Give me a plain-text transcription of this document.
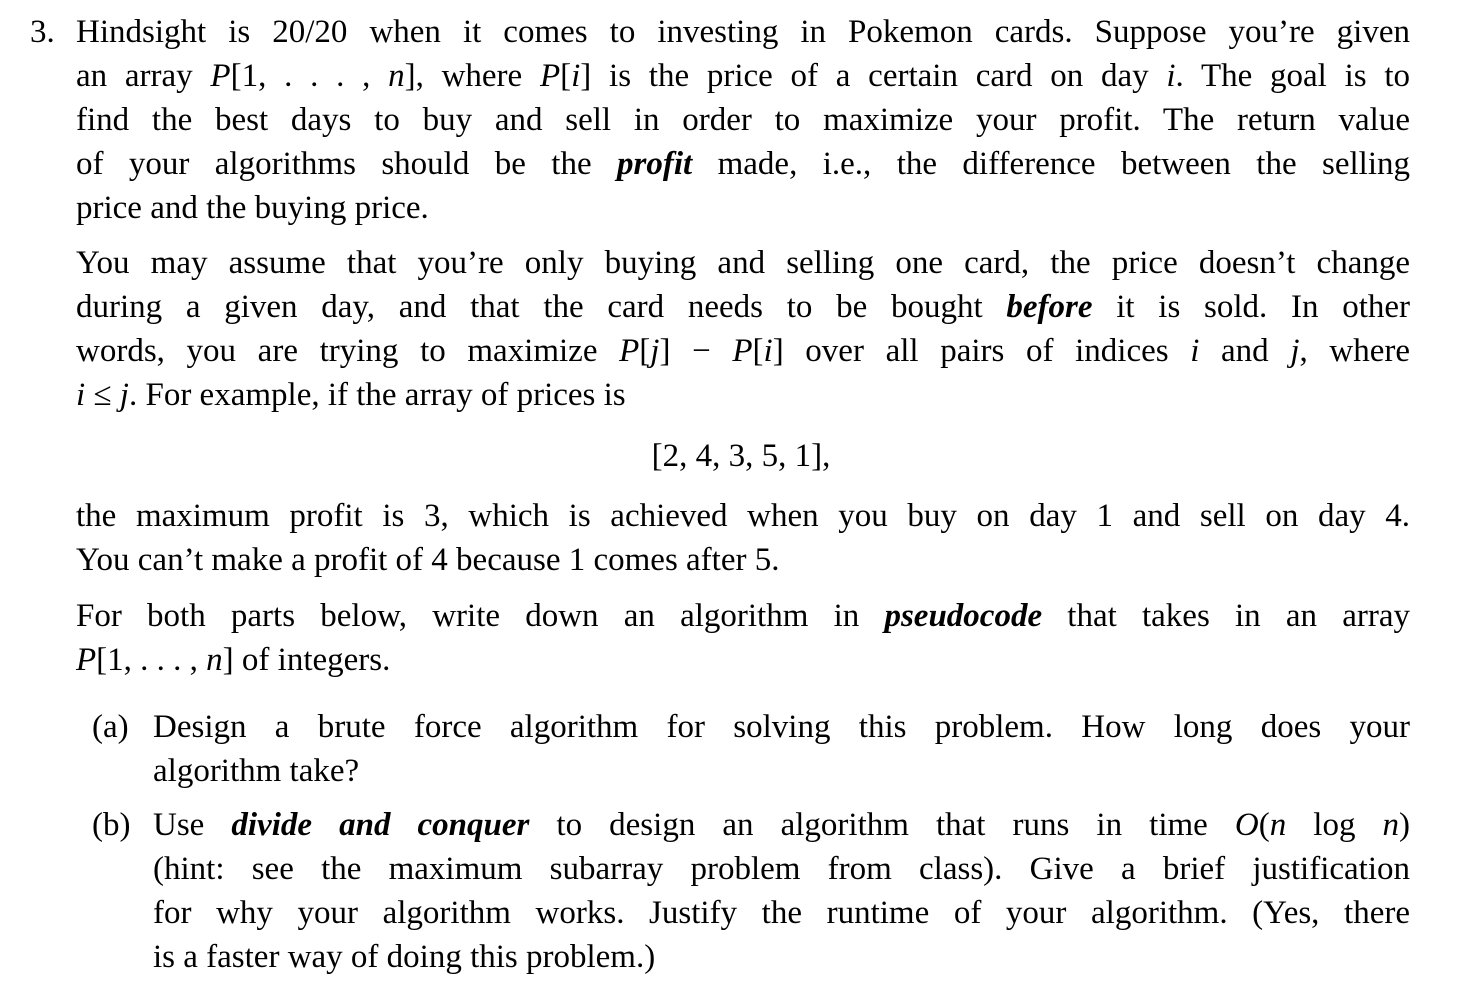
3. Hindsight is 20/20 when it comes to investing in Pokemon cards. Suppose you’re given
an array P[1, . . . , n], where P[i] is the price of a certain card on day i. The goal is to
find the best days to buy and sell in order to maximize your profit. The return value
of your algorithms should be the profit made, i.e., the difference between the selling
price and the buying price.
You may assume that you’re only buying and selling one card, the price doesn’t change
during a given day, and that the card needs to be bought before it is sold. In other
words, you are trying to maximize P[j] − P[i] over all pairs of indices i and j, where
i ≤ j. For example, if the array of prices is
[2, 4, 3, 5, 1],
the maximum profit is 3, which is achieved when you buy on day 1 and sell on day 4.
You can’t make a profit of 4 because 1 comes after 5.
For both parts below, write down an algorithm in pseudocode that takes in an array
P[1, . . . , n] of integers.
(a) Design a brute force algorithm for solving this problem. How long does your
algorithm take?
(b) Use divide and conquer to design an algorithm that runs in time O(n log n)
(hint: see the maximum subarray problem from class). Give a brief justification
for why your algorithm works. Justify the runtime of your algorithm. (Yes, there
is a faster way of doing this problem.)
